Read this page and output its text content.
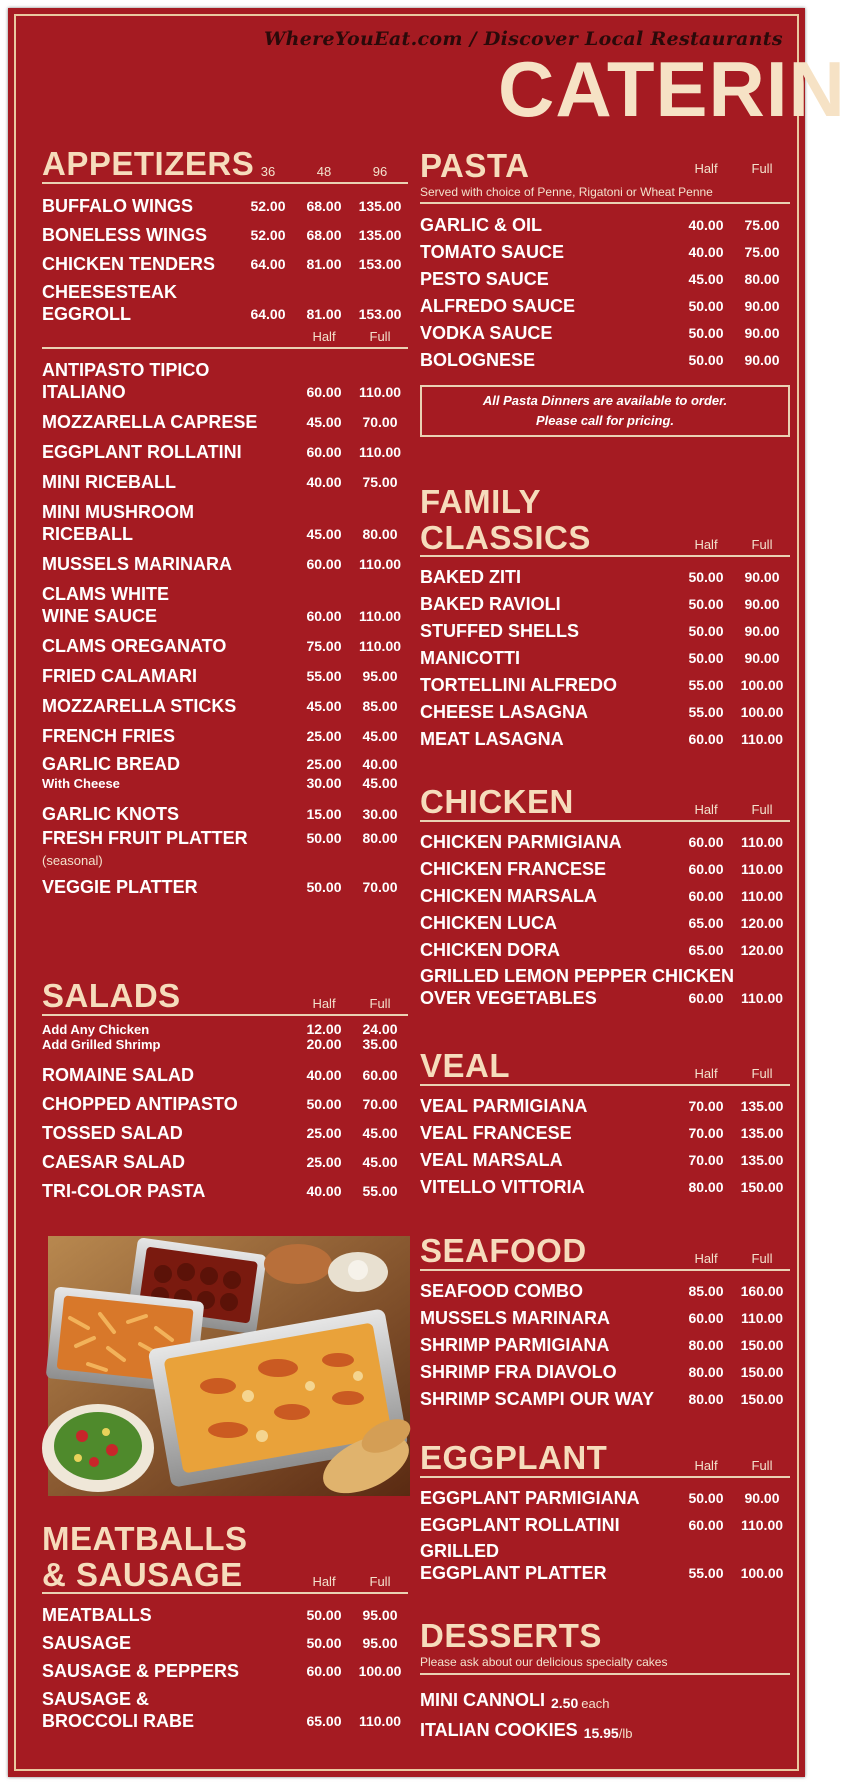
WhereYouEat.com / Discover Local Restaurants
CATERIN
APPETIZERS 36	48	96
BUFFALO WINGS	52.00	68.00	135.00
BONELESS WINGS	52.00	68.00	135.00
CHICKEN TENDERS	64.00	81.00	153.00
CHEESESTEAK
EGGROLL	64.00	81.00	153.00
Half	Full
ANTIPASTO TIPICO
ITALIANO	60.00	110.00
MOZZARELLA CAPRESE	45.00	70.00
EGGPLANT ROLLATINI	60.00	110.00
MINI RICEBALL	40.00	75.00
MINI MUSHROOM
RICEBALL	45.00	80.00
MUSSELS MARINARA	60.00	110.00
CLAMS WHITE
WINE SAUCE	60.00	110.00
CLAMS OREGANATO	75.00	110.00
FRIED CALAMARI	55.00	95.00
MOZZARELLA STICKS	45.00	85.00
FRENCH FRIES	25.00	45.00
GARLIC BREAD	25.00	40.00
With Cheese	30.00	45.00
GARLIC KNOTS	15.00	30.00
FRESH FRUIT PLATTER	50.00	80.00
(seasonal)
VEGGIE PLATTER	50.00	70.00
SALADS	Half	Full
Add Any Chicken	12.00	24.00
Add Grilled Shrimp	20.00	35.00
ROMAINE SALAD	40.00	60.00
CHOPPED ANTIPASTO	50.00	70.00
TOSSED SALAD	25.00	45.00
CAESAR SALAD	25.00	45.00
TRI-COLOR PASTA	40.00	55.00
MEATBALLS
& SAUSAGE	Half	Full
MEATBALLS	50.00	95.00
SAUSAGE	50.00	95.00
SAUSAGE & PEPPERS	60.00	100.00
SAUSAGE &
BROCCOLI RABE	65.00	110.00
PASTA
Served with choice of Penne, Rigatoni or Wheat Penne
Half	Full
GARLIC & OIL	40.00	75.00
TOMATO SAUCE	40.00	75.00
PESTO SAUCE	45.00	80.00
ALFREDO SAUCE	50.00	90.00
VODKA SAUCE	50.00	90.00
BOLOGNESE	50.00	90.00
All Pasta Dinners are available to order.
Please call for pricing.
FAMILY
CLASSICS	Half	Full
BAKED ZITI	50.00	90.00
BAKED RAVIOLI	50.00	90.00
STUFFED SHELLS	50.00	90.00
MANICOTTI	50.00	90.00
TORTELLINI ALFREDO	55.00	100.00
CHEESE LASAGNA	55.00	100.00
MEAT LASAGNA	60.00	110.00
CHICKEN	Half	Full
CHICKEN PARMIGIANA	60.00	110.00
CHICKEN FRANCESE	60.00	110.00
CHICKEN MARSALA	60.00	110.00
CHICKEN LUCA	65.00	120.00
CHICKEN DORA	65.00	120.00
GRILLED LEMON PEPPER CHICKEN
OVER VEGETABLES	60.00	110.00
VEAL	Half	Full
VEAL PARMIGIANA	70.00	135.00
VEAL FRANCESE	70.00	135.00
VEAL MARSALA	70.00	135.00
VITELLO VITTORIA	80.00	150.00
SEAFOOD	Half	Full
SEAFOOD COMBO	85.00	160.00
MUSSELS MARINARA	60.00	110.00
SHRIMP PARMIGIANA	80.00	150.00
SHRIMP FRA DIAVOLO	80.00	150.00
SHRIMP SCAMPI OUR WAY	80.00	150.00
EGGPLANT	Half	Full
EGGPLANT PARMIGIANA	50.00	90.00
EGGPLANT ROLLATINI	60.00	110.00
GRILLED
EGGPLANT PLATTER	55.00	100.00
DESSERTS
Please ask about our delicious specialty cakes
MINI CANNOLI 2.50 each
ITALIAN COOKIES 15.95 /lb
